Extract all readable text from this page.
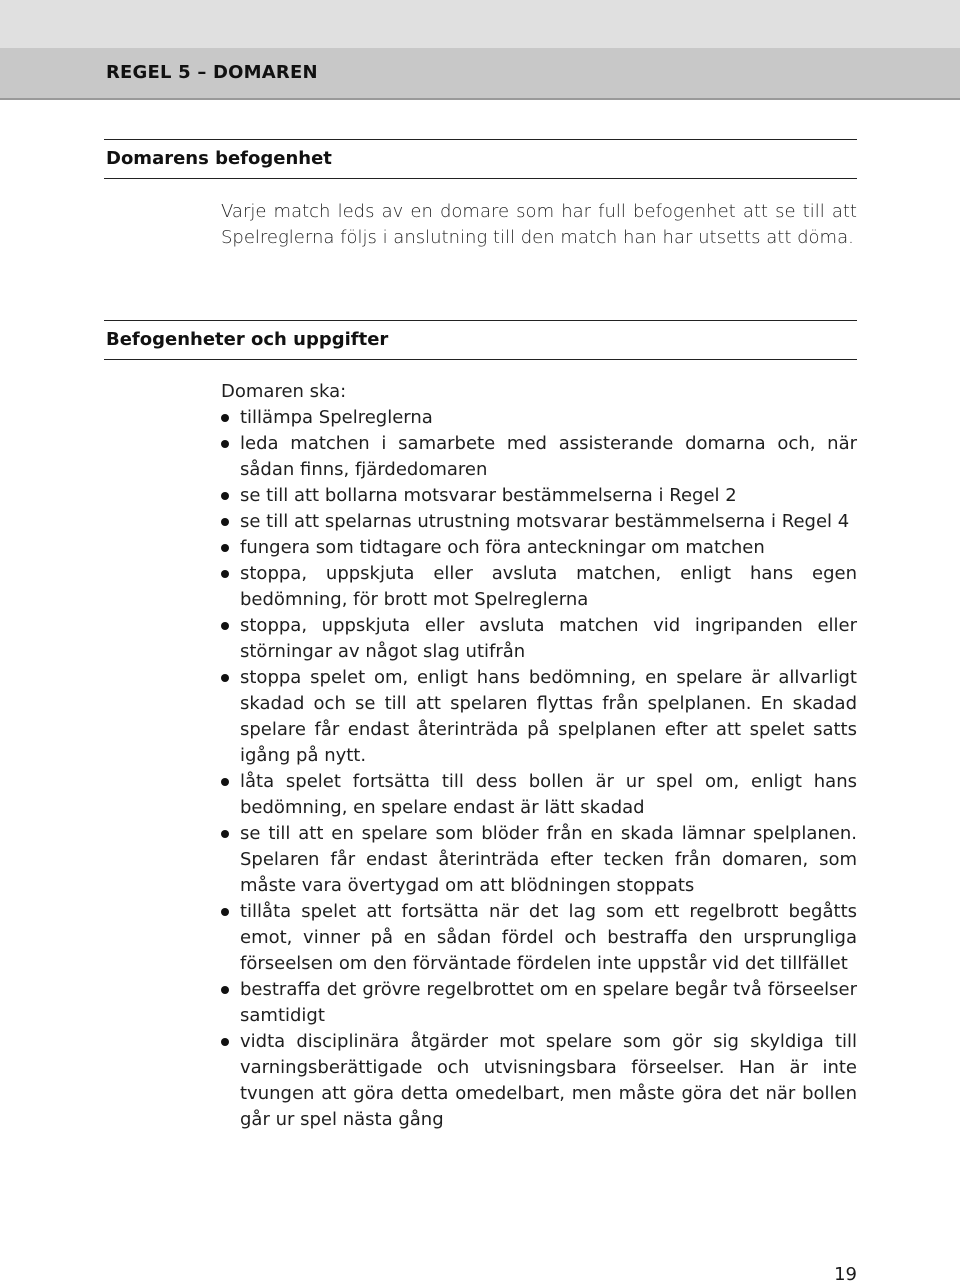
REGEL 5 – DOMAREN
Domarens befogenhet

Varje match leds av en domare som har full befogenhet att se till att Spelreglerna följs i anslutning till den match han har utsetts att döma.

Befogenheter och uppgifter
Domaren ska:
tillämpa Spelreglerna
leda matchen i samarbete med assisterande domarna och, när sådan finns, fjärdedomaren
se till att bollarna motsvarar bestämmelserna i Regel 2
se till att spelarnas utrustning motsvarar bestämmelserna i Regel 4
fungera som tidtagare och föra anteckningar om matchen
stoppa, uppskjuta eller avsluta matchen, enligt hans egen bedömning, för brott mot Spelreglerna
stoppa, uppskjuta eller avsluta matchen vid ingripanden eller störningar av något slag utifrån
stoppa spelet om, enligt hans bedömning, en spelare är allvarligt skadad och se till att spelaren flyttas från spelplanen. En skadad spelare får endast återinträda på spelplanen efter att spelet satts igång på nytt.
låta spelet fortsätta till dess bollen är ur spel om, enligt hans bedömning, en spelare endast är lätt skadad
se till att en spelare som blöder från en skada lämnar spelplanen. Spelaren får endast återinträda efter tecken från domaren, som måste vara övertygad om att blödningen stoppats
tillåta spelet att fortsätta när det lag som ett regelbrott begåtts emot, vinner på en sådan fördel och bestraffa den ursprungliga förseelsen om den förväntade fördelen inte uppstår vid det tillfället
bestraffa det grövre regelbrottet om en spelare begår två förseelser samtidigt
vidta disciplinära åtgärder mot spelare som gör sig skyldiga till varningsberättigade och utvisningsbara förseelser. Han är inte tvungen att göra detta omedelbart, men måste göra det när bollen går ur spel nästa gång
19
